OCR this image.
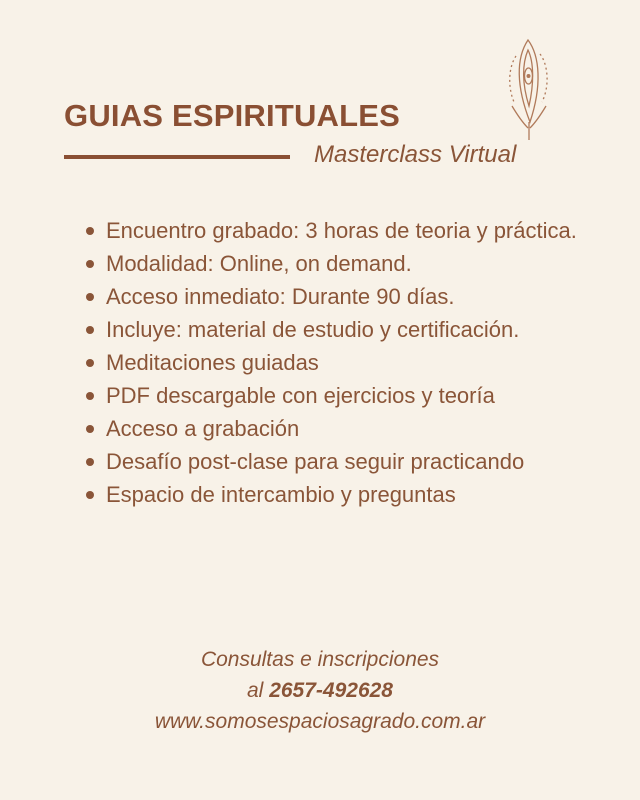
GUIAS ESPIRITUALES
Masterclass Virtual
Encuentro grabado: 3 horas de teoria y práctica.
Modalidad: Online, on demand.
Acceso inmediato: Durante 90 días.
Incluye: material de estudio y certificación.
Meditaciones guiadas
PDF descargable con ejercicios y teoría
Acceso a grabación
Desafío post-clase para seguir practicando
Espacio de intercambio y preguntas
Consultas e inscripciones
al 2657-492628
www.somosespaciosagrado.com.ar
